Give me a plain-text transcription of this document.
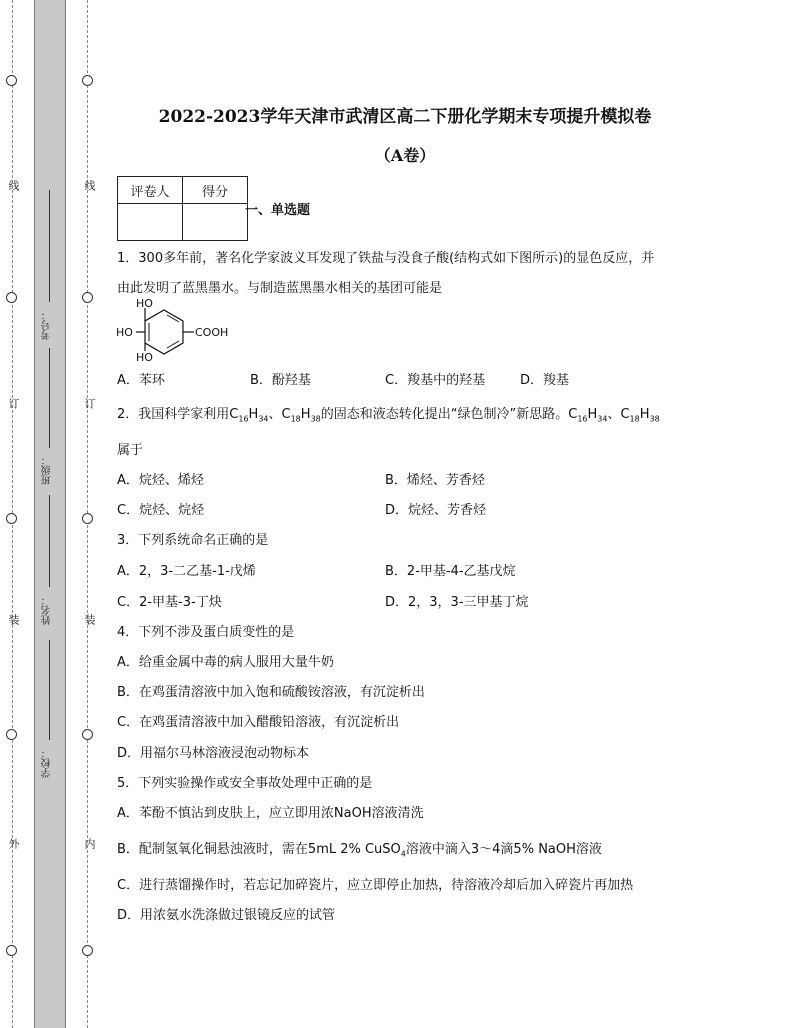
线
订
装
外
线
订
装
内
考号：
班级：
姓名：
学校：
2022-2023学年天津市武清区高二下册化学期末专项提升模拟卷
（A卷）
评卷人	得分

一、单选题
1．300多年前，著名化学家波义耳发现了铁盐与没食子酸(结构式如下图所示)的显色反应，并
由此发明了蓝黑墨水。与制造蓝黑墨水相关的基团可能是
HO
HO
HO
COOH
A．苯环	B．酚羟基	C．羧基中的羟基	D．羧基
2．我国科学家利用$C_{16}H_{34}$、$C_{18}H_{38}$的固态和液态转化提出“绿色制冷”新思路。$C_{16}H_{34}$、$C_{18}H_{38}$
属于
A．烷烃、烯烃	B．烯烃、芳香烃
C．烷烃、烷烃	D．烷烃、芳香烃
3．下列系统命名正确的是
A．2，3-二乙基-1-戊烯	B．2-甲基-4-乙基戊烷
C．2-甲基-3-丁炔	D．2，3，3-三甲基丁烷
4．下列不涉及蛋白质变性的是
A．给重金属中毒的病人服用大量牛奶
B．在鸡蛋清溶液中加入饱和硫酸铵溶液，有沉淀析出
C．在鸡蛋清溶液中加入醋酸铅溶液，有沉淀析出
D．用福尔马林溶液浸泡动物标本
5．下列实验操作或安全事故处理中正确的是
A．苯酚不慎沾到皮肤上，应立即用浓NaOH溶液清洗
B．配制氢氧化铜悬浊液时，需在5mL 2% CuSO$_4$溶液中滴入3～4滴5% NaOH溶液
C．进行蒸馏操作时，若忘记加碎瓷片，应立即停止加热，待溶液冷却后加入碎瓷片再加热
D．用浓氨水洗涤做过银镜反应的试管
